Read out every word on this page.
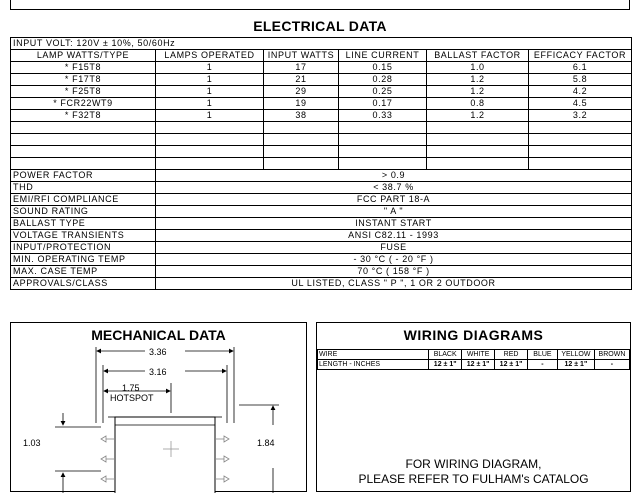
ELECTRICAL DATA
INPUT VOLT: 120V ± 10%, 50/60Hz					
LAMP WATTS/TYPE	LAMPS OPERATED	INPUT WATTS	LINE CURRENT	BALLAST FACTOR	EFFICACY FACTOR
* F15T8	1	17	0.15	1.0	6.1
* F17T8	1	21	0.28	1.2	5.8
* F25T8	1	29	0.25	1.2	4.2
* FCR22WT9	1	19	0.17	0.8	4.5
* F32T8	1	38	0.33	1.2	3.2

POWER FACTOR	> 0.9				
THD	< 38.7 %				
EMI/RFI COMPLIANCE	FCC PART 18-A				
SOUND RATING	" A "				
BALLAST TYPE	INSTANT START				
VOLTAGE TRANSIENTS	ANSI C82.11 - 1993				
INPUT/PROTECTION	FUSE				
MIN. OPERATING TEMP	- 30 °C ( - 20 °F )				
MAX. CASE TEMP	70 °C ( 158 °F )				
APPROVALS/CLASS	UL LISTED, CLASS " P ", 1 OR 2 OUTDOOR				
MECHANICAL DATA
3.36
3.16
1.75
HOTSPOT
1.03	1.84
WIRING DIAGRAMS
WIRE	BLACK	WHITE	RED	BLUE	YELLOW	BROWN
LENGTH - INCHES	12 ± 1"	12 ± 1"	12 ± 1"	-	12 ± 1"	-
FOR WIRING DIAGRAM,
PLEASE REFER TO FULHAM's CATALOG
